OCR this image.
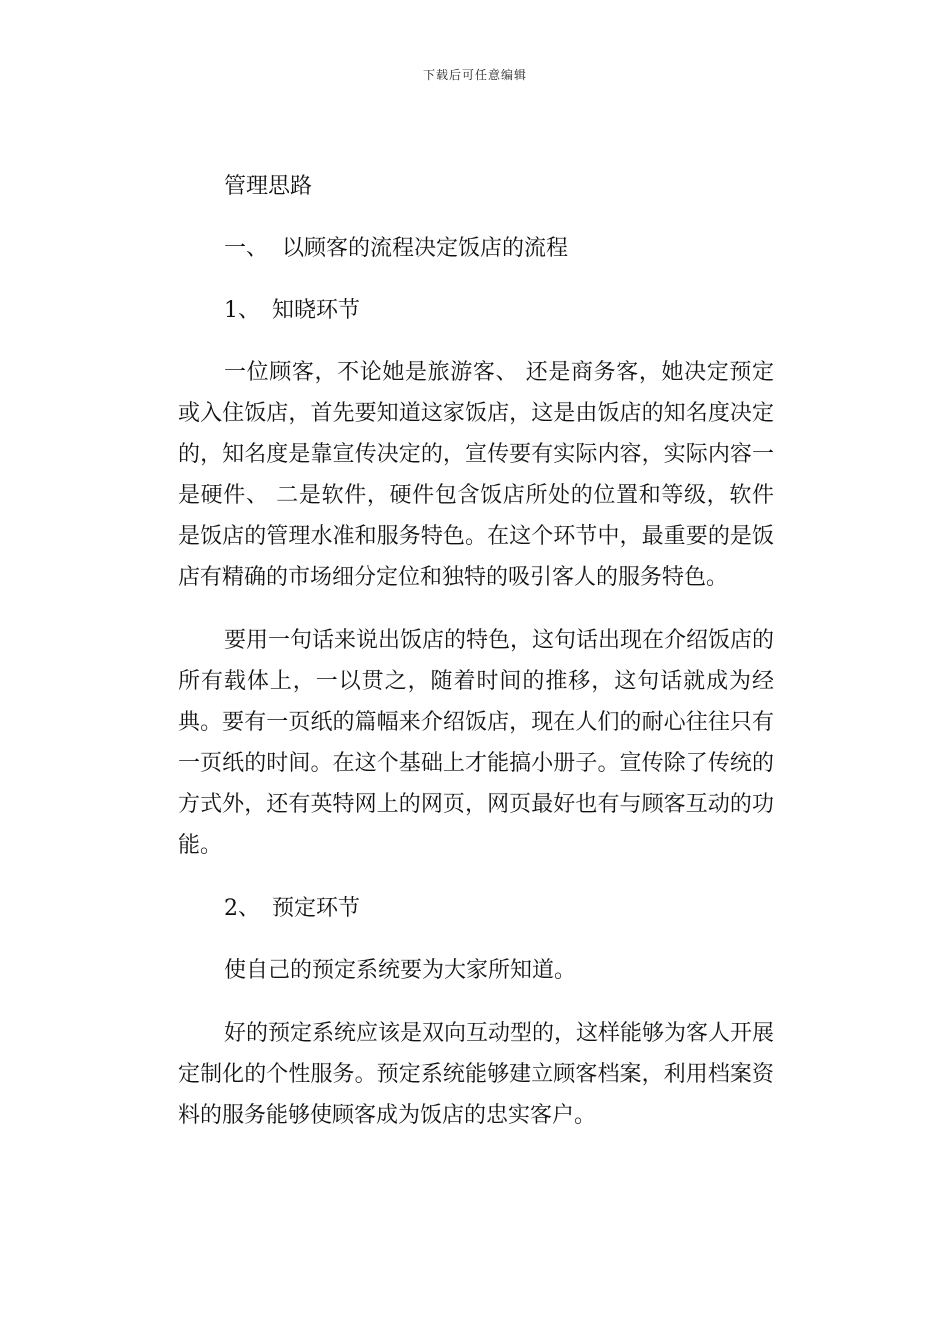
下载后可任意编辑

管理思路

一、 以顾客的流程决定饭店的流程

1、 知晓环节

一位顾客，不论她是旅游客、 还是商务客，她决定预定或入住饭店，首先要知道这家饭店，这是由饭店的知名度决定的，知名度是靠宣传决定的，宣传要有实际内容，实际内容一是硬件、 二是软件，硬件包含饭店所处的位置和等级，软件是饭店的管理水准和服务特色。在这个环节中，最重要的是饭店有精确的市场细分定位和独特的吸引客人的服务特色。

要用一句话来说出饭店的特色，这句话出现在介绍饭店的所有载体上，一以贯之，随着时间的推移，这句话就成为经典。要有一页纸的篇幅来介绍饭店，现在人们的耐心往往只有一页纸的时间。在这个基础上才能搞小册子。宣传除了传统的方式外，还有英特网上的网页，网页最好也有与顾客互动的功能。

2、 预定环节

使自己的预定系统要为大家所知道。

好的预定系统应该是双向互动型的，这样能够为客人开展定制化的个性服务。预定系统能够建立顾客档案，利用档案资料的服务能够使顾客成为饭店的忠实客户。
